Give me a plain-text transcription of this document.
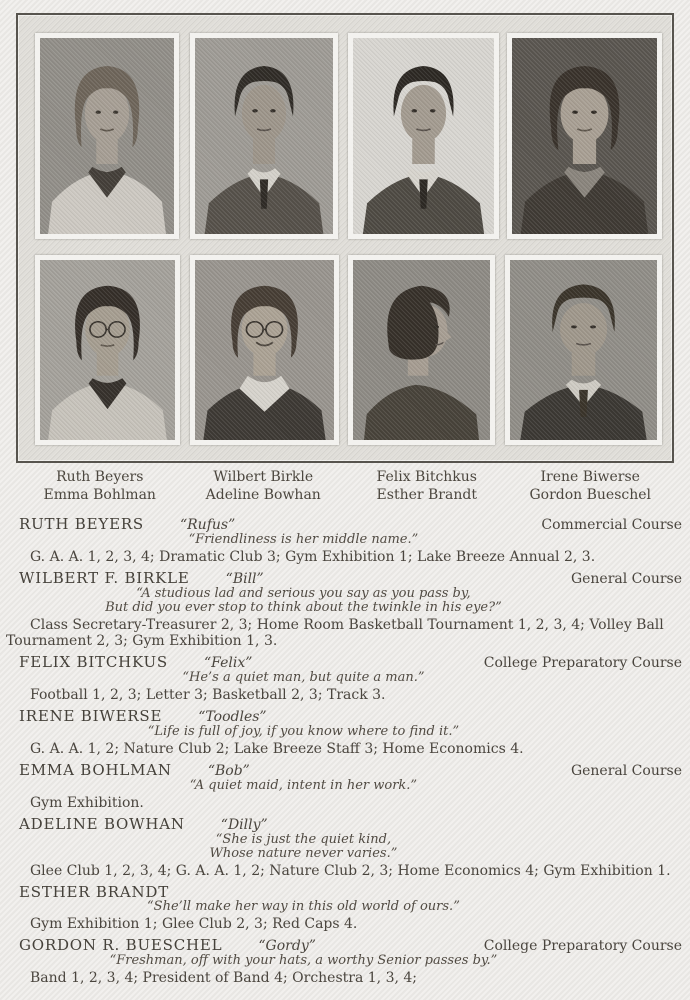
Ruth Beyers	Wilbert Birkle	Felix Bitchkus	Irene Biwerse
Emma Bohlman	Adeline Bowhan	Esther Brandt	Gordon Bueschel
RUTH BEYERS	“Rufus”	Commercial Course
“Friendliness is her middle name.”
G. A. A. 1, 2, 3, 4; Dramatic Club 3; Gym Exhibition 1; Lake Breeze Annual 2, 3.
WILBERT F. BIRKLE	“Bill”	General Course
“A studious lad and serious you say as you pass by,
But did you ever stop to think about the twinkle in his eye?”
Class Secretary-Treasurer 2, 3; Home Room Basketball Tournament 1, 2, 3, 4; Volley Ball Tournament 2, 3; Gym Exhibition 1, 3.
FELIX BITCHKUS	“Felix”	College Preparatory Course
“He’s a quiet man, but quite a man.”
Football 1, 2, 3; Letter 3; Basketball 2, 3; Track 3.
IRENE BIWERSE	“Toodles”
“Life is full of joy, if you know where to find it.”
G. A. A. 1, 2; Nature Club 2; Lake Breeze Staff 3; Home Economics 4.
EMMA BOHLMAN	“Bob”	General Course
“A quiet maid, intent in her work.”
Gym Exhibition.
ADELINE BOWHAN	“Dilly”
“She is just the quiet kind,
Whose nature never varies.”
Glee Club 1, 2, 3, 4; G. A. A. 1, 2; Nature Club 2, 3; Home Economics 4; Gym Exhibition 1.
ESTHER BRANDT
“She’ll make her way in this old world of ours.”
Gym Exhibition 1; Glee Club 2, 3; Red Caps 4.
GORDON R. BUESCHEL	“Gordy”	College Preparatory Course
“Freshman, off with your hats, a worthy Senior passes by.”
Band 1, 2, 3, 4; President of Band 4; Orchestra 1, 3, 4;
